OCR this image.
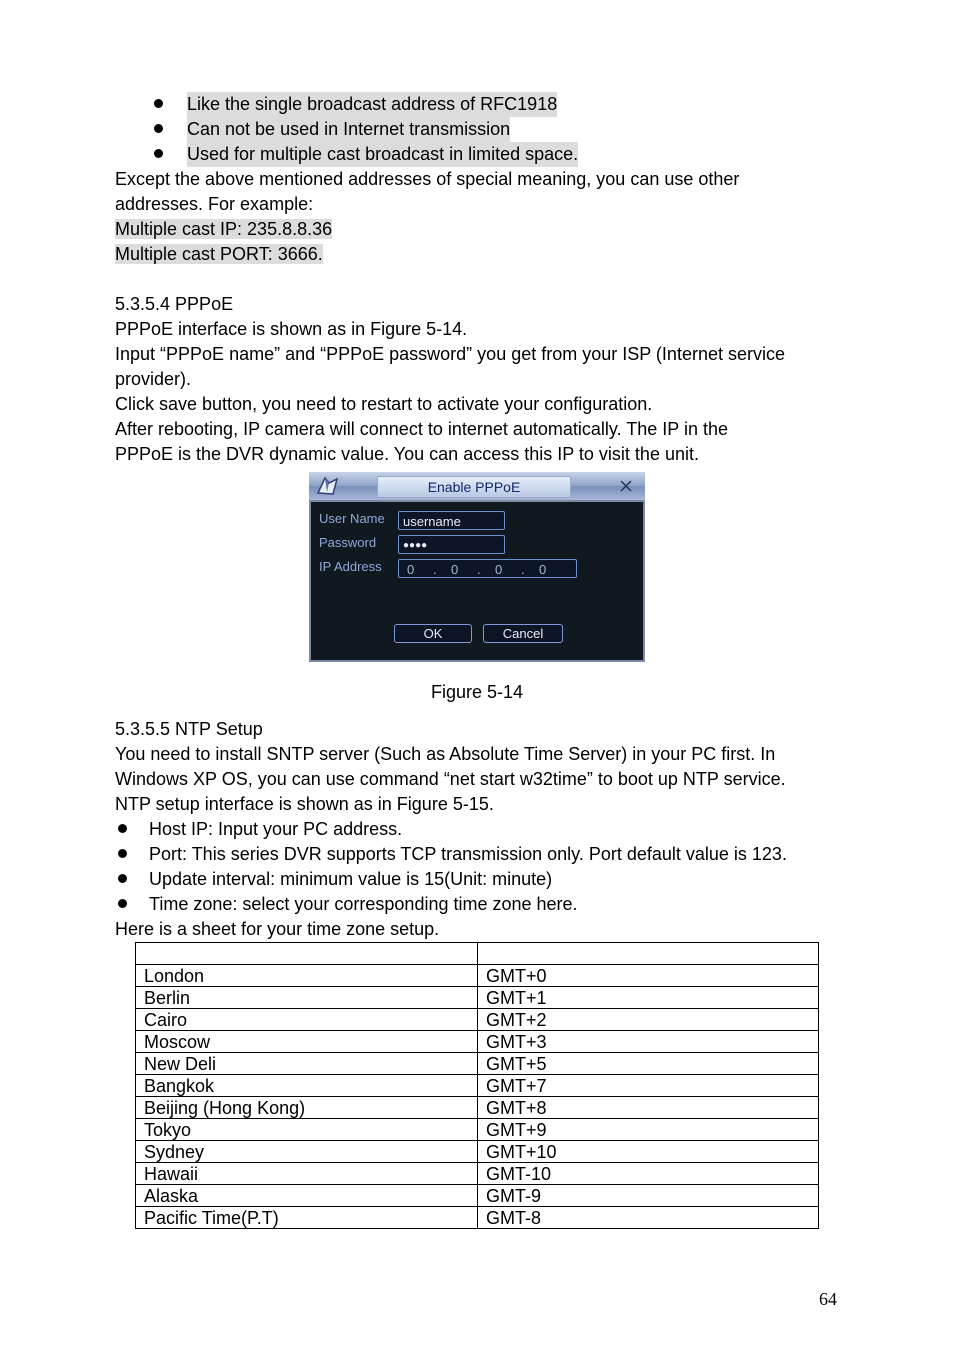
Like the single broadcast address of RFC1918
Can not be used in Internet transmission
Used for multiple cast broadcast in limited space.
Except the above mentioned addresses of special meaning, you can use other
addresses. For example:
Multiple cast IP: 235.8.8.36
Multiple cast PORT: 3666.
5.3.5.4 PPPoE
PPPoE interface is shown as in Figure 5-14.
Input “PPPoE name” and “PPPoE password” you get from your ISP (Internet service
provider).
Click save button, you need to restart to activate your configuration.
After rebooting, IP camera will connect to internet automatically. The IP in the
PPPoE is the DVR dynamic value. You can access this IP to visit the unit.
Enable PPPoE
User Name	username
Password	●●●●
IP Address 0 . 0 . 0 . 0
OK	Cancel
Figure 5-14
5.3.5.5 NTP Setup
You need to install SNTP server (Such as Absolute Time Server) in your PC first. In
Windows XP OS, you can use command “net start w32time” to boot up NTP service.
NTP setup interface is shown as in Figure 5-15.
Host IP: Input your PC address.
Port: This series DVR supports TCP transmission only. Port default value is 123.
Update interval: minimum value is 15(Unit: minute)
Time zone: select your corresponding time zone here.
Here is a sheet for your time zone setup.

London	GMT+0
Berlin	GMT+1
Cairo	GMT+2
Moscow	GMT+3
New Deli	GMT+5
Bangkok	GMT+7
Beijing (Hong Kong)	GMT+8
Tokyo	GMT+9
Sydney	GMT+10
Hawaii	GMT-10
Alaska	GMT-9
Pacific Time(P.T)	GMT-8
64
